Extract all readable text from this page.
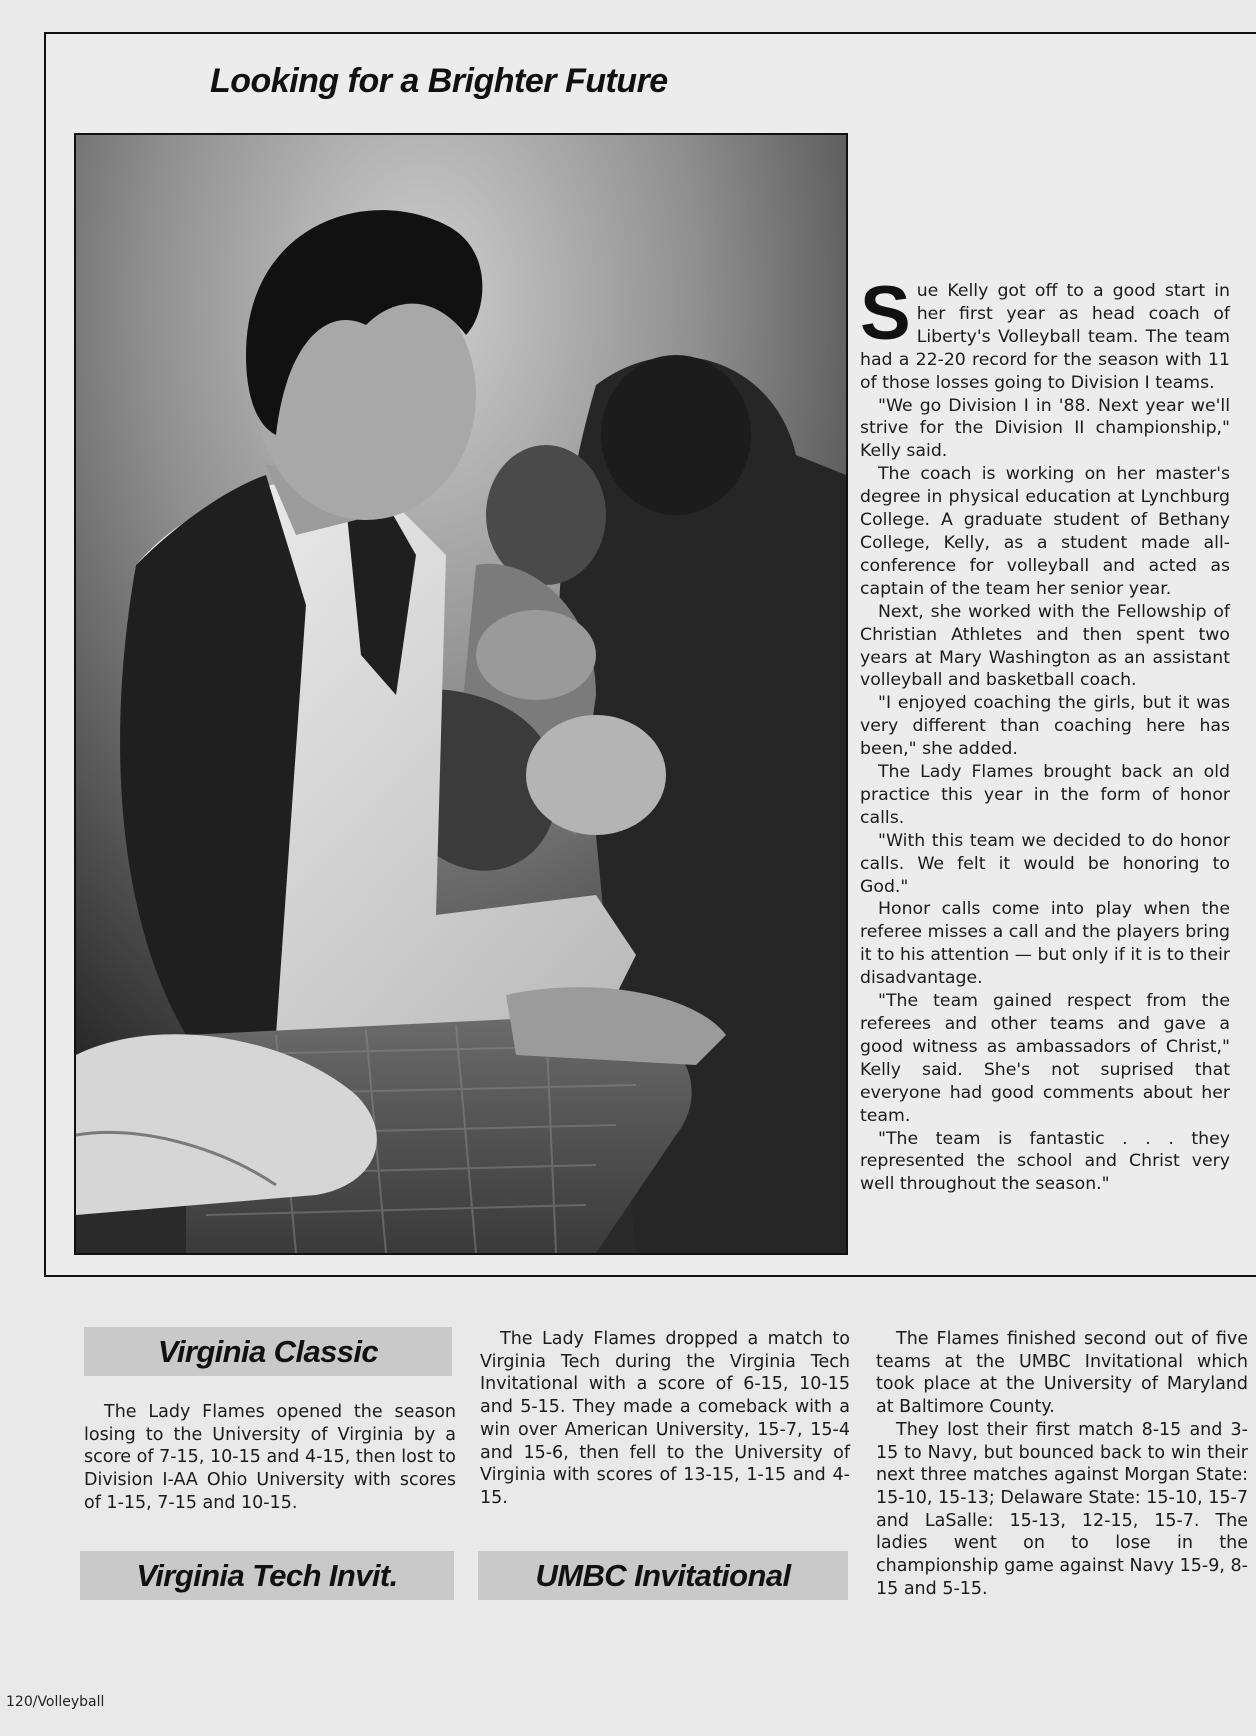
Looking for a Brighter Future

Sue Kelly got off to a good start in her first year as head coach of Liberty's Volleyball team. The team had a 22-20 record for the season with 11 of those losses going to Division I teams.

"We go Division I in '88. Next year we'll strive for the Division II championship," Kelly said.

The coach is working on her master's degree in physical education at Lynchburg College. A graduate student of Bethany College, Kelly, as a student made all-conference for volleyball and acted as captain of the team her senior year.

Next, she worked with the Fellowship of Christian Athletes and then spent two years at Mary Washington as an assistant volleyball and basketball coach.

"I enjoyed coaching the girls, but it was very different than coaching here has been," she added.

The Lady Flames brought back an old practice this year in the form of honor calls.

"With this team we decided to do honor calls. We felt it would be honoring to God."

Honor calls come into play when the referee misses a call and the players bring it to his attention — but only if it is to their disadvantage.

"The team gained respect from the referees and other teams and gave a good witness as ambassadors of Christ," Kelly said. She's not suprised that everyone had good comments about her team.

"The team is fantastic . . . they represented the school and Christ very well throughout the season."

Virginia Classic

The Lady Flames opened the season losing to the University of Virginia by a score of 7-15, 10-15 and 4-15, then lost to Division I-AA Ohio University with scores of 1-15, 7-15 and 10-15.

The Lady Flames dropped a match to Virginia Tech during the Virginia Tech Invitational with a score of 6-15, 10-15 and 5-15. They made a comeback with a win over American University, 15-7, 15-4 and 15-6, then fell to the University of Virginia with scores of 13-15, 1-15 and 4-15.

The Flames finished second out of five teams at the UMBC Invitational which took place at the University of Maryland at Baltimore County.

They lost their first match 8-15 and 3-15 to Navy, but bounced back to win their next three matches against Morgan State: 15-10, 15-13; Delaware State: 15-10, 15-7 and LaSalle: 15-13, 12-15, 15-7. The ladies went on to lose in the championship game against Navy 15-9, 8-15 and 5-15.

Virginia Tech Invit.	UMBC Invitational
120/Volleyball
